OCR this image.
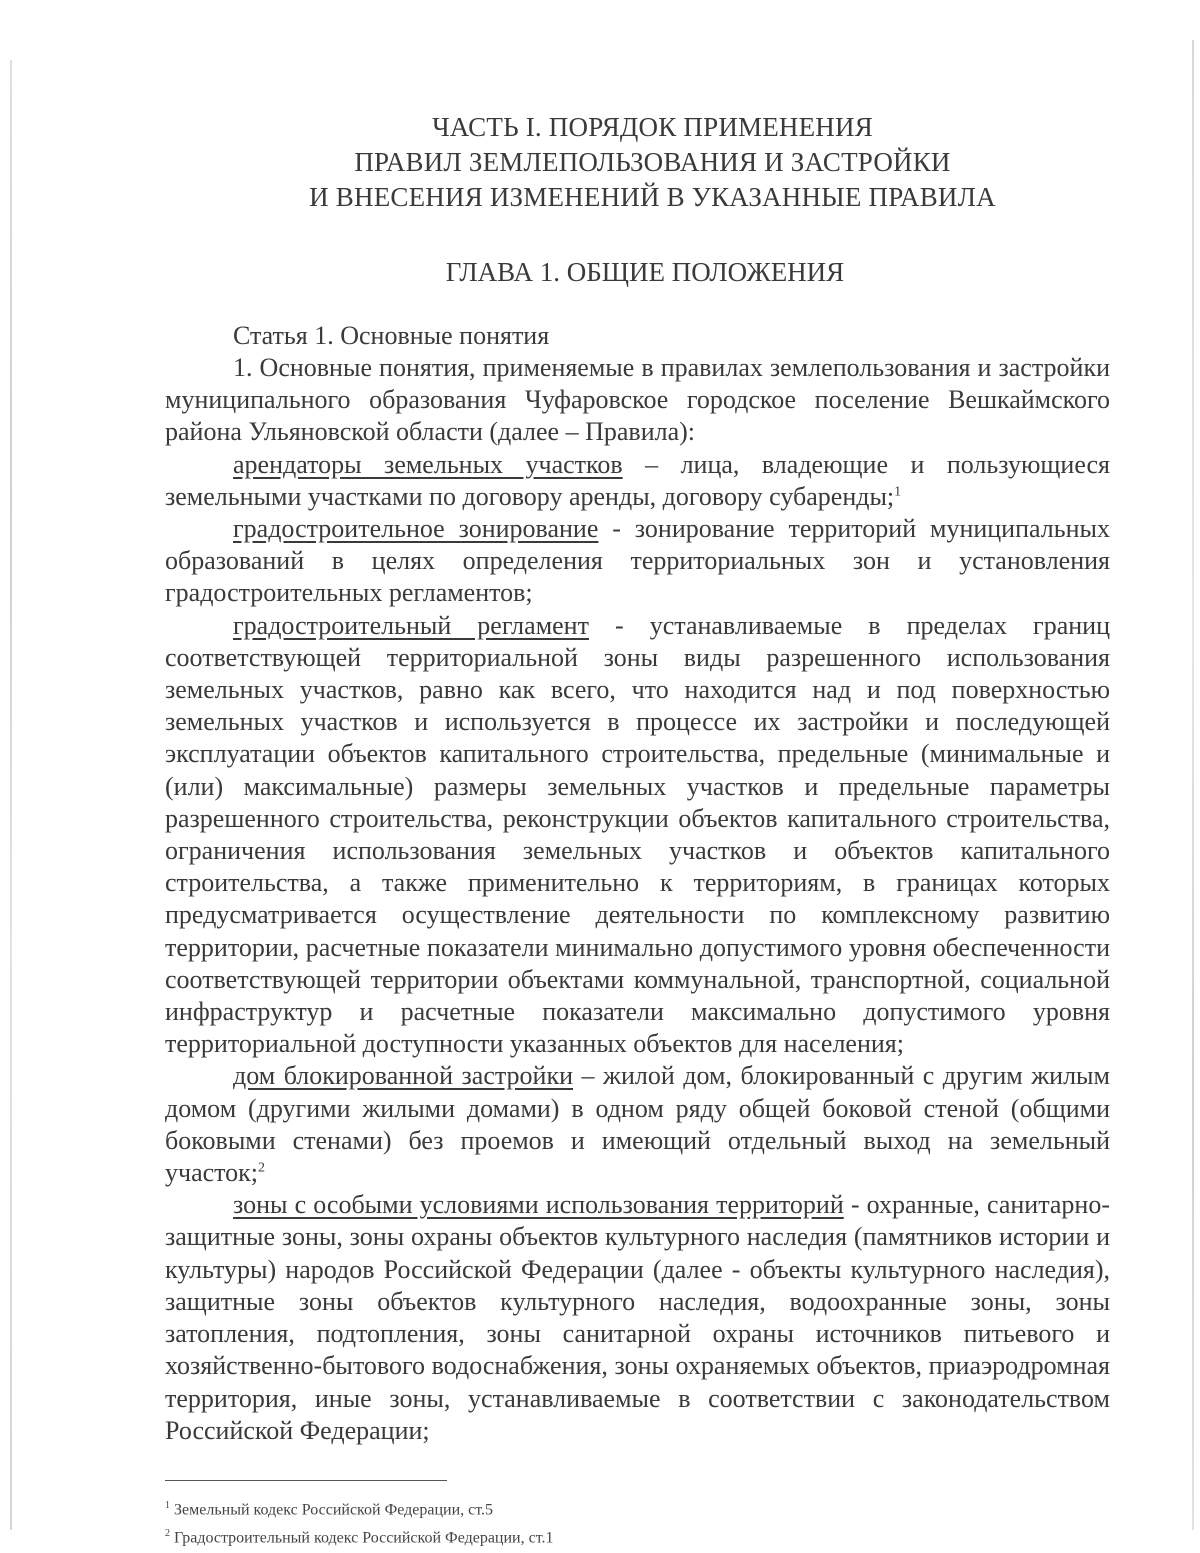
ЧАСТЬ I. ПОРЯДОК ПРИМЕНЕНИЯ
ПРАВИЛ ЗЕМЛЕПОЛЬЗОВАНИЯ И ЗАСТРОЙКИ
И ВНЕСЕНИЯ ИЗМЕНЕНИЙ В УКАЗАННЫЕ ПРАВИЛА
ГЛАВА 1. ОБЩИЕ ПОЛОЖЕНИЯ
Статья 1. Основные понятия

1. Основные понятия, применяемые в правилах землепользования и застройки муниципального образования Чуфаровское городское поселение Вешкаймского района Ульяновской области (далее – Правила):

арендаторы земельных участков – лица, владеющие и пользующиеся земельными участками по договору аренды, договору субаренды;$^1$

градостроительное зонирование - зонирование территорий муниципальных образований в целях определения территориальных зон и установления градостроительных регламентов;

градостроительный регламент - устанавливаемые в пределах границ соответствующей территориальной зоны виды разрешенного использования земельных участков, равно как всего, что находится над и под поверхностью земельных участков и используется в процессе их застройки и последующей эксплуатации объектов капитального строительства, предельные (минимальные и (или) максимальные) размеры земельных участков и предельные параметры разрешенного строительства, реконструкции объектов капитального строительства, ограничения использования земельных участков и объектов капитального строительства, а также применительно к территориям, в границах которых предусматривается осуществление деятельности по комплексному развитию территории, расчетные показатели минимально допустимого уровня обеспеченности соответствующей территории объектами коммунальной, транспортной, социальной инфраструктур и расчетные показатели максимально допустимого уровня территориальной доступности указанных объектов для населения;

дом блокированной застройки – жилой дом, блокированный с другим жилым домом (другими жилыми домами) в одном ряду общей боковой стеной (общими боковыми стенами) без проемов и имеющий отдельный выход на земельный участок;$^2$

зоны с особыми условиями использования территорий - охранные, санитарно-защитные зоны, зоны охраны объектов культурного наследия (памятников истории и культуры) народов Российской Федерации (далее - объекты культурного наследия), защитные зоны объектов культурного наследия, водоохранные зоны, зоны затопления, подтопления, зоны санитарной охраны источников питьевого и хозяйственно-бытового водоснабжения, зоны охраняемых объектов, приаэродромная территория, иные зоны, устанавливаемые в соответствии с законодательством Российской Федерации;

$^1$ Земельный кодекс Российской Федерации, ст.5
$^2$ Градостроительный кодекс Российской Федерации, ст.1
